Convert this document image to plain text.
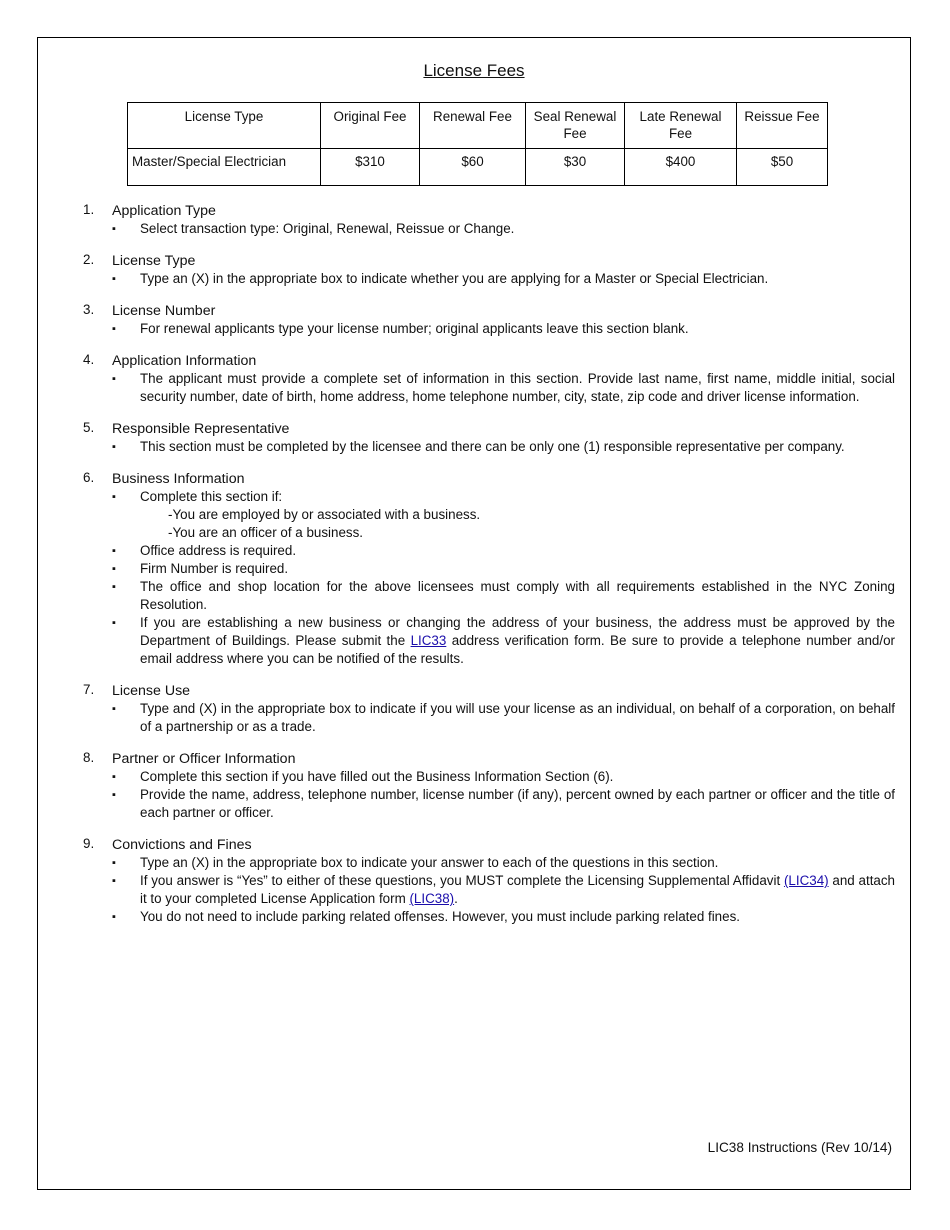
License Fees
License Type	Original Fee	Renewal Fee	Seal Renewal Fee	Late Renewal Fee	Reissue Fee
Master/Special Electrician	$310	$60	$30	$400	$50
1.	Application Type
▪ Select transaction type: Original, Renewal, Reissue or Change.
2.	License Type
▪ Type an (X) in the appropriate box to indicate whether you are applying for a Master or Special Electrician.
3.	License Number
▪ For renewal applicants type your license number; original applicants leave this section blank.
4.	Application Information
▪ The applicant must provide a complete set of information in this section. Provide last name, first name, middle initial, social security number, date of birth, home address, home telephone number, city, state, zip code and driver license information.
5.	Responsible Representative
▪ This section must be completed by the licensee and there can be only one (1) responsible representative per company.
6.	Business Information
▪ Complete this section if:
-You are employed by or associated with a business.
-You are an officer of a business.
▪ Office address is required.
▪ Firm Number is required.
▪ The office and shop location for the above licensees must comply with all requirements established in the NYC Zoning Resolution.
▪ If you are establishing a new business or changing the address of your business, the address must be approved by the Department of Buildings. Please submit the LIC33 address verification form. Be sure to provide a telephone number and/or email address where you can be notified of the results.
7.	License Use
▪ Type and (X) in the appropriate box to indicate if you will use your license as an individual, on behalf of a corporation, on behalf of a partnership or as a trade.
8.	Partner or Officer Information
▪ Complete this section if you have filled out the Business Information Section (6).
▪ Provide the name, address, telephone number, license number (if any), percent owned by each partner or officer and the title of each partner or officer.
9.	Convictions and Fines
▪ Type an (X) in the appropriate box to indicate your answer to each of the questions in this section.
▪ If you answer is “Yes” to either of these questions, you MUST complete the Licensing Supplemental Affidavit (LIC34) and attach it to your completed License Application form (LIC38).
▪ You do not need to include parking related offenses. However, you must include parking related fines.
LIC38 Instructions (Rev 10/14)
